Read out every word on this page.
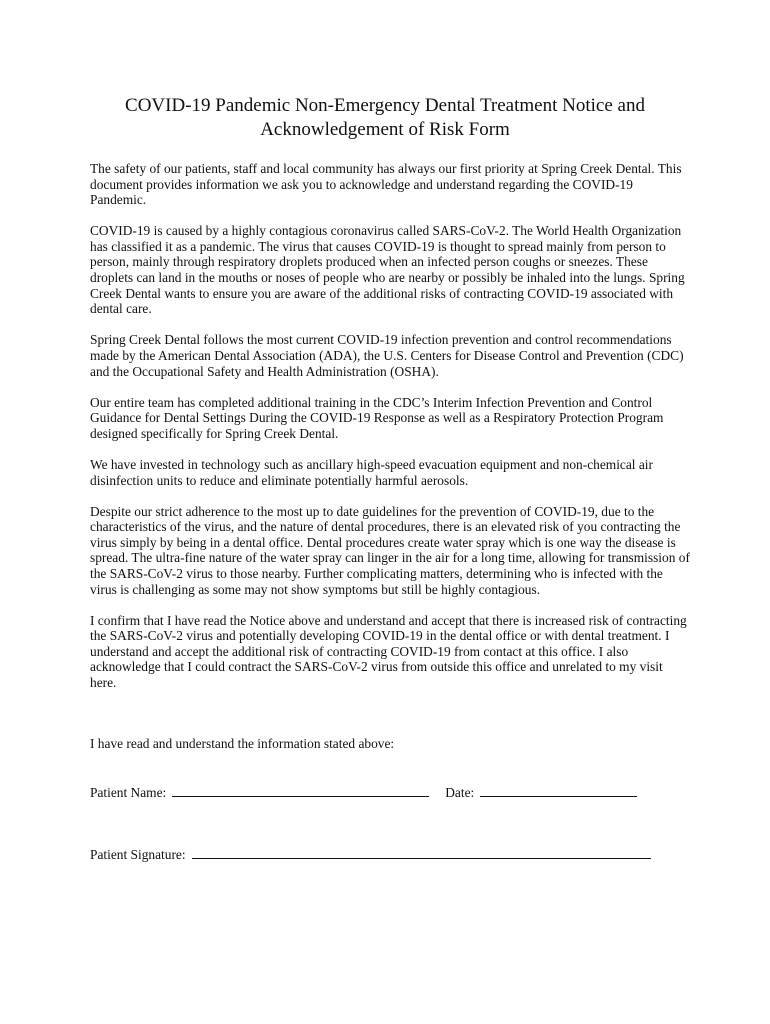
COVID-19 Pandemic Non-Emergency Dental Treatment Notice and
Acknowledgement of Risk Form

The safety of our patients, staff and local community has always our first priority at Spring Creek Dental. This document provides information we ask you to acknowledge and understand regarding the COVID-19 Pandemic.

COVID-19 is caused by a highly contagious coronavirus called SARS-CoV-2. The World Health Organization has classified it as a pandemic. The virus that causes COVID-19 is thought to spread mainly from person to person, mainly through respiratory droplets produced when an infected person coughs or sneezes. These droplets can land in the mouths or noses of people who are nearby or possibly be inhaled into the lungs. Spring Creek Dental wants to ensure you are aware of the additional risks of contracting COVID-19 associated with dental care.

Spring Creek Dental follows the most current COVID-19 infection prevention and control recommendations made by the American Dental Association (ADA), the U.S. Centers for Disease Control and Prevention (CDC) and the Occupational Safety and Health Administration (OSHA).

Our entire team has completed additional training in the CDC’s Interim Infection Prevention and Control Guidance for Dental Settings During the COVID-19 Response as well as a Respiratory Protection Program designed specifically for Spring Creek Dental.

We have invested in technology such as ancillary high-speed evacuation equipment and non-chemical air disinfection units to reduce and eliminate potentially harmful aerosols.

Despite our strict adherence to the most up to date guidelines for the prevention of COVID-19, due to the characteristics of the virus, and the nature of dental procedures, there is an elevated risk of you contracting the virus simply by being in a dental office. Dental procedures create water spray which is one way the disease is spread. The ultra-fine nature of the water spray can linger in the air for a long time, allowing for transmission of the SARS-CoV-2 virus to those nearby. Further complicating matters, determining who is infected with the virus is challenging as some may not show symptoms but still be highly contagious.

I confirm that I have read the Notice above and understand and accept that there is increased risk of contracting the SARS-CoV-2 virus and potentially developing COVID-19 in the dental office or with dental treatment. I understand and accept the additional risk of contracting COVID-19 from contact at this office. I also acknowledge that I could contract the SARS-CoV-2 virus from outside this office and unrelated to my visit here.

I have read and understand the information stated above:
Patient Name:	Date:
Patient Signature:
